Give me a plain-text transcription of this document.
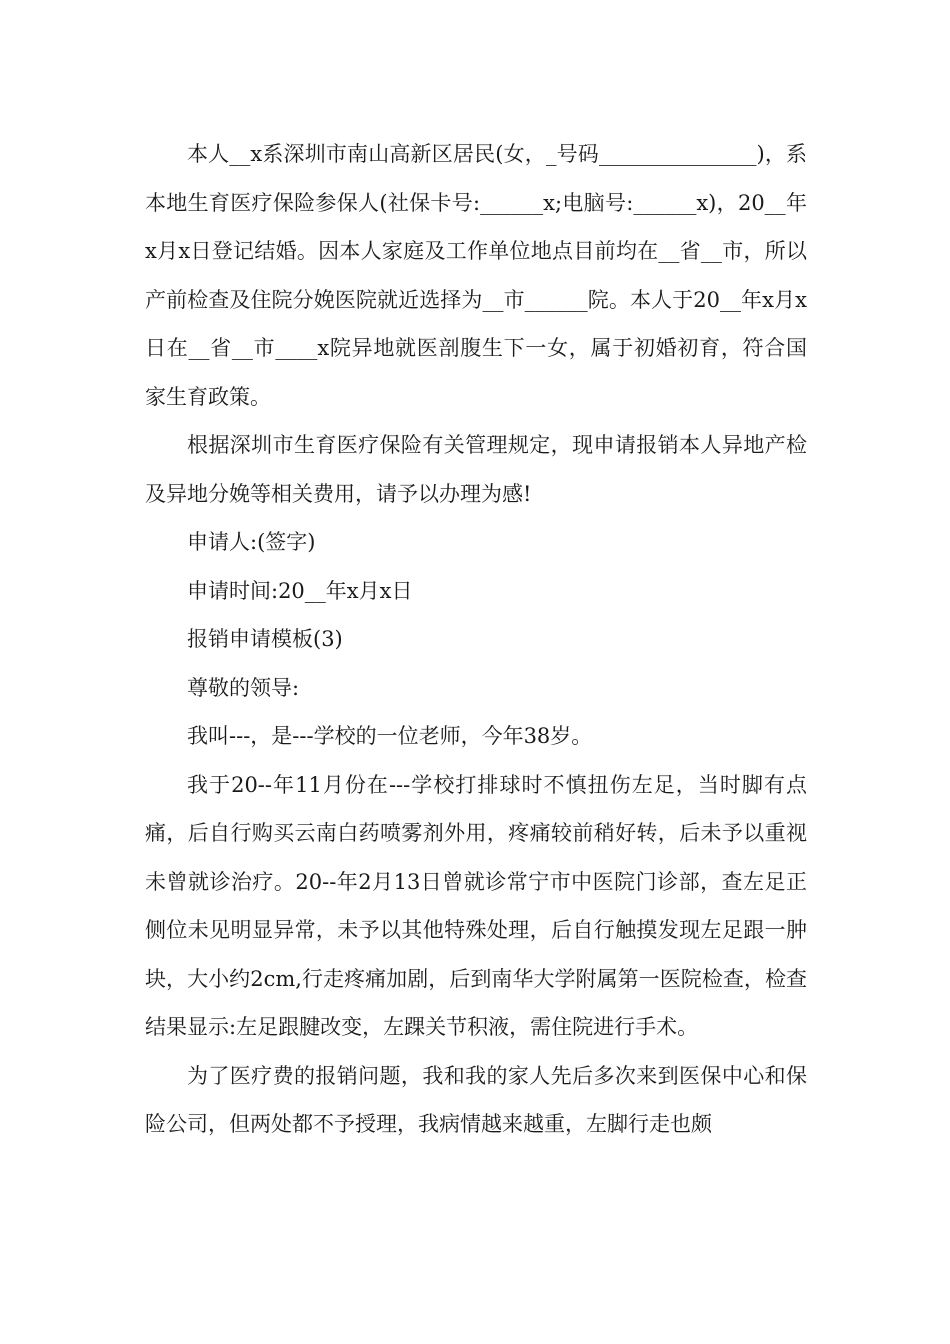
本人__x系深圳市南山高新区居民(女，_号码_______________)，系本地生育医疗保险参保人(社保卡号:______x;电脑号:______x)，20__年x月x日登记结婚。因本人家庭及工作单位地点目前均在__省__市，所以产前检查及住院分娩医院就近选择为__市______院。本人于20__年x月x日在__省__市____x院异地就医剖腹生下一女，属于初婚初育，符合国家生育政策。

根据深圳市生育医疗保险有关管理规定，现申请报销本人异地产检及异地分娩等相关费用，请予以办理为感!

申请人:(签字)

申请时间:20__年x月x日

报销申请模板(3)

尊敬的领导:

我叫---，是---学校的一位老师，今年38岁。

我于20--年11月份在---学校打排球时不慎扭伤左足，当时脚有点痛，后自行购买云南白药喷雾剂外用，疼痛较前稍好转，后未予以重视未曾就诊治疗。20--年2月13日曾就诊常宁市中医院门诊部，查左足正侧位未见明显异常，未予以其他特殊处理，后自行触摸发现左足跟一肿块，大小约2cm,行走疼痛加剧，后到南华大学附属第一医院检查，检查结果显示:左足跟腱改变，左踝关节积液，需住院进行手术。

为了医疗费的报销问题，我和我的家人先后多次来到医保中心和保险公司，但两处都不予授理，我病情越来越重，左脚行走也颇
